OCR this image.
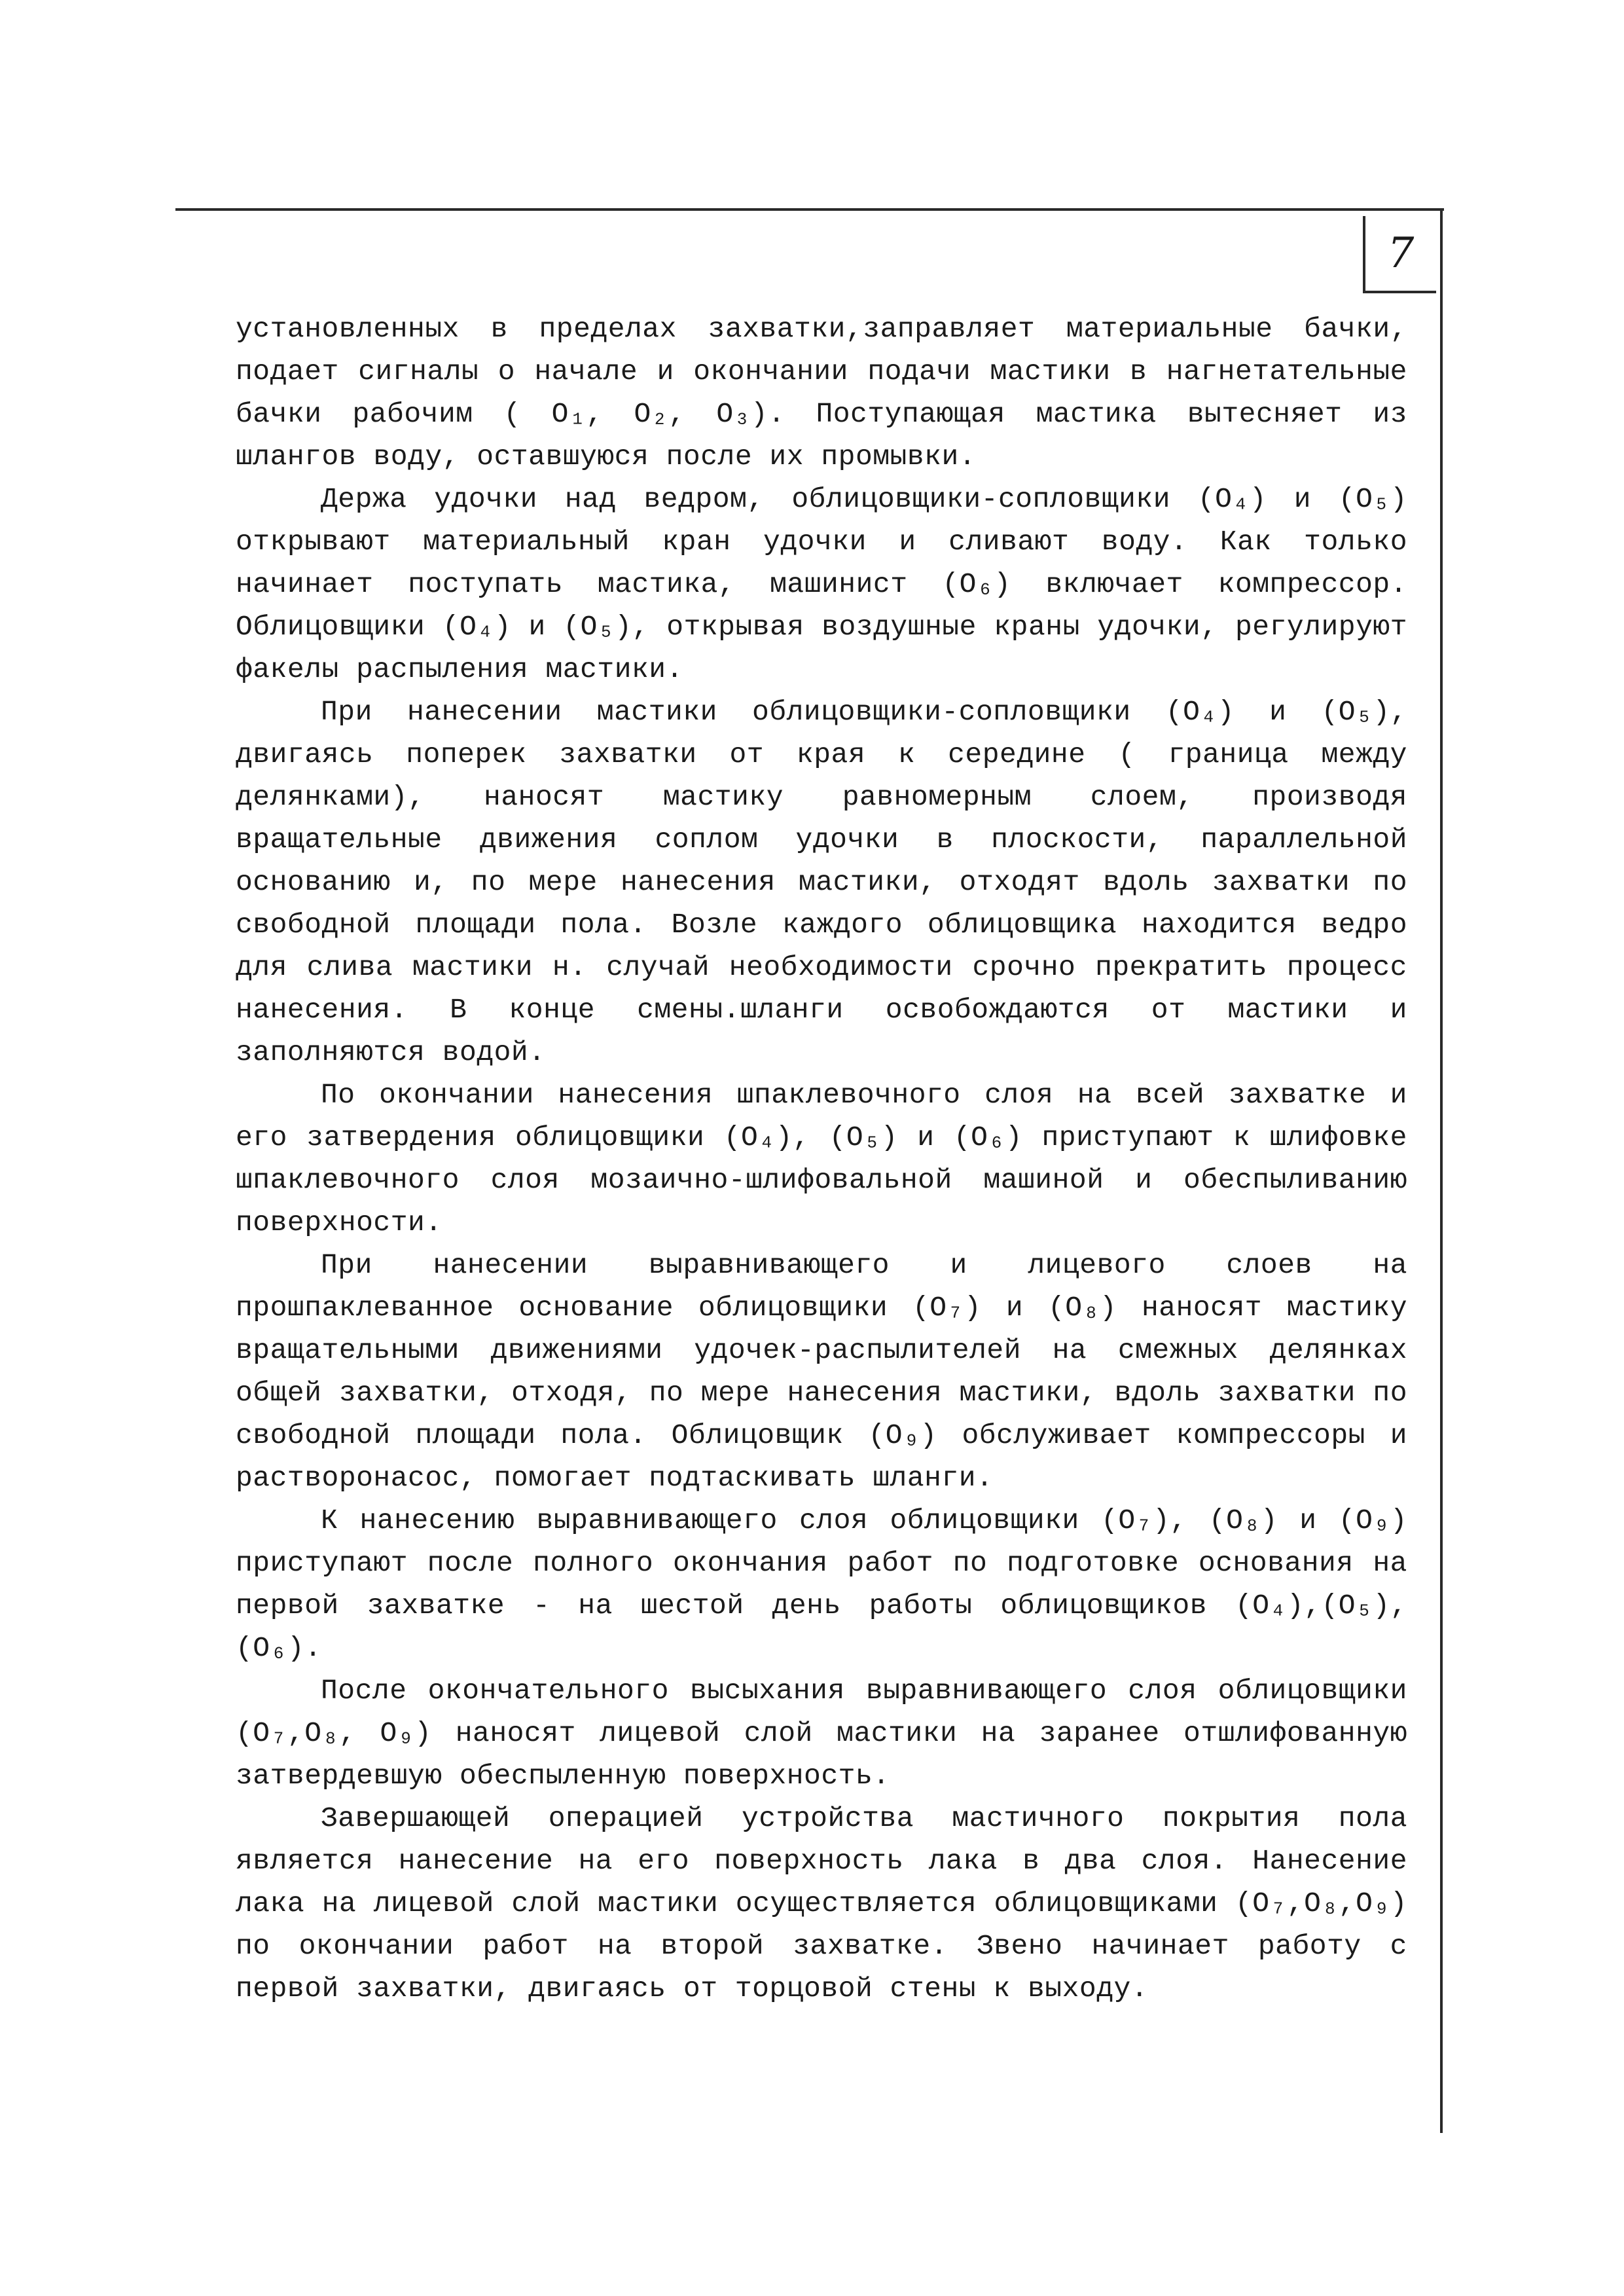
7

установленных в пределах захватки,заправляет материальные бачки, подает сигналы о начале и окончании подачи мастики в нагнетательные бачки рабочим ( О₁, О₂, О₃). Поступающая мастика вытесняет из шлангов воду, оставшуюся после их промывки.

Держа удочки над ведром, облицовщики-сопловщики (О₄) и (О₅) открывают материальный кран удочки и сливают воду. Как только начинает поступать мастика, машинист (О₆) включает компрессор. Облицовщики (О₄) и (О₅), открывая воздушные краны удочки, регулируют факелы распыления мастики.

При нанесении мастики облицовщики-сопловщики (О₄) и (О₅), двигаясь поперек захватки от края к середине ( граница между делянками), наносят мастику равномерным слоем, производя вращательные движения соплом удочки в плоскости, параллельной основанию и, по мере нанесения мастики, отходят вдоль захватки по свободной площади пола. Возле каждого облицовщика находится ведро для слива мастики н. случай необходимости срочно прекратить процесс нанесения. В конце смены.шланги освобождаются от мастики и заполняются водой.

По окончании нанесения шпаклевочного слоя на всей захватке и его затвердения облицовщики (О₄), (О₅) и (О₆) приступают к шлифовке шпаклевочного слоя мозаично-шлифовальной машиной и обеспыливанию поверхности.

При нанесении выравнивающего и лицевого слоев на прошпаклеванное основание облицовщики (О₇) и (О₈) наносят мастику вращательными движениями удочек-распылителей на смежных делянках общей захватки, отходя, по мере нанесения мастики, вдоль захватки по свободной площади пола. Облицовщик (О₉) обслуживает компрессоры и растворонасос, помогает подтаскивать шланги.

К нанесению выравнивающего слоя облицовщики (О₇), (О₈) и (О₉) приступают после полного окончания работ по подготовке основания на первой захватке - на шестой день работы облицовщиков (О₄),(О₅), (О₆).

После окончательного высыхания выравнивающего слоя облицовщики (О₇,О₈, О₉) наносят лицевой слой мастики на заранее отшлифованную затвердевшую обеспыленную поверхность.

Завершающей операцией устройства мастичного покрытия пола является нанесение на его поверхность лака в два слоя. Нанесение лака на лицевой слой мастики осуществляется облицовщиками (О₇,О₈,О₉) по окончании работ на второй захватке. Звено начинает работу с первой захватки, двигаясь от торцовой стены к выходу.
